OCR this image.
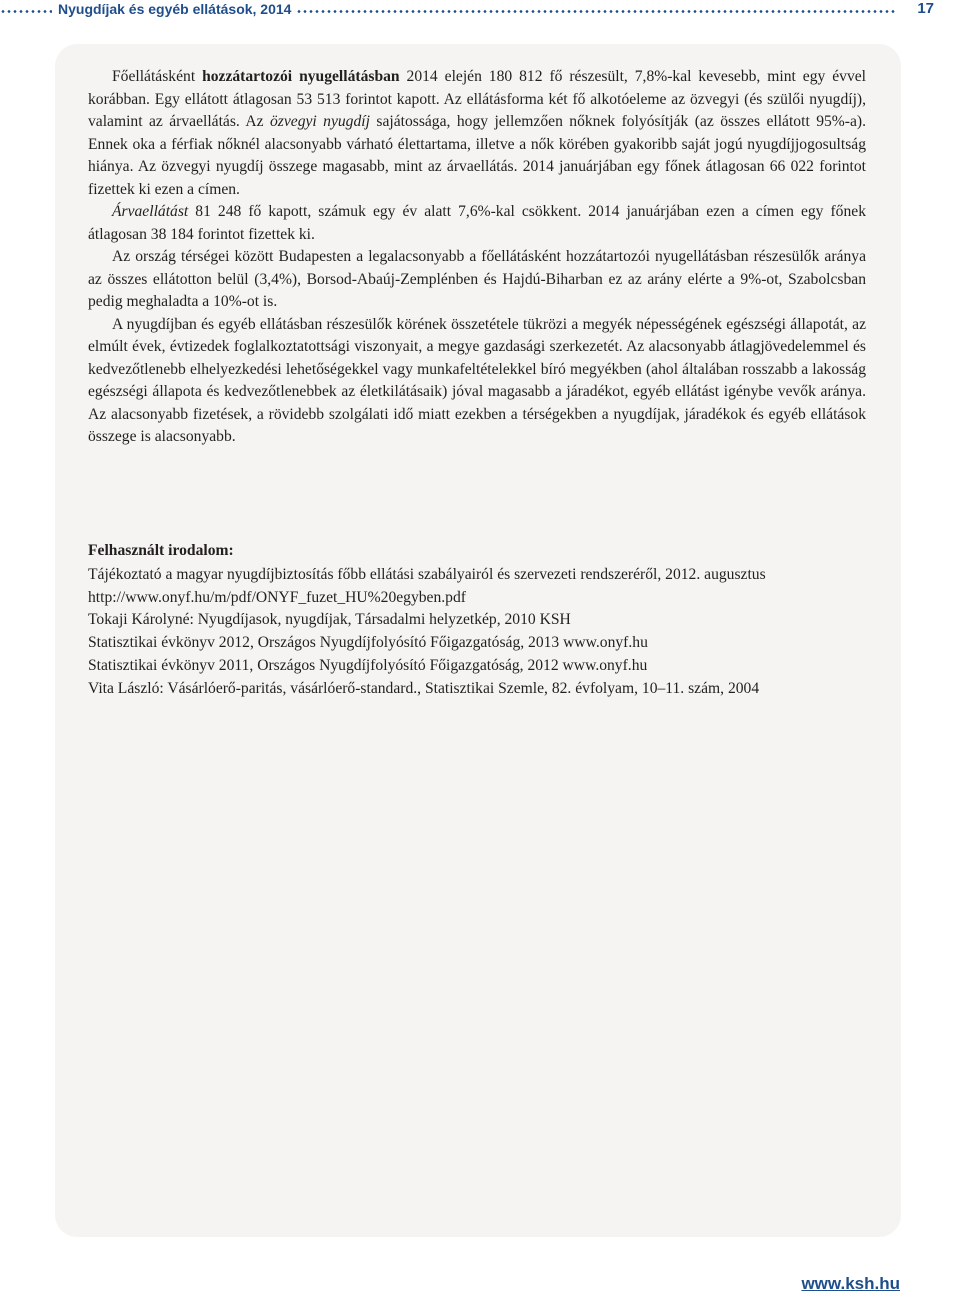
Nyugdíjak és egyéb ellátások, 2014	17

Főellátásként hozzátartozói nyugellátásban 2014 elején 180 812 fő részesült, 7,8%-kal kevesebb, mint egy évvel korábban. Egy ellátott átlagosan 53 513 forintot kapott. Az ellátásforma két fő alkotóeleme az özvegyi (és szülői nyugdíj), valamint az árvaellátás. Az özvegyi nyugdíj sajátossága, hogy jellemzően nőknek folyósítják (az összes ellátott 95%-a). Ennek oka a férfiak nőknél alacsonyabb várható élettartama, illetve a nők körében gyakoribb saját jogú nyugdíjjogosultság hiánya. Az özvegyi nyugdíj összege magasabb, mint az árvaellátás. 2014 januárjában egy főnek átlagosan 66 022 forintot fizettek ki ezen a címen.

Árvaellátást 81 248 fő kapott, számuk egy év alatt 7,6%-kal csökkent. 2014 januárjában ezen a címen egy főnek átlagosan 38 184 forintot fizettek ki.

Az ország térségei között Budapesten a legalacsonyabb a főellátásként hozzátartozói nyugellátásban részesülők aránya az összes ellátotton belül (3,4%), Borsod-Abaúj-Zemplénben és Hajdú-Biharban ez az arány elérte a 9%-ot, Szabolcsban pedig meghaladta a 10%-ot is.

A nyugdíjban és egyéb ellátásban részesülők körének összetétele tükrözi a megyék népességének egészségi állapotát, az elmúlt évek, évtizedek foglalkoztatottsági viszonyait, a megye gazdasági szerkezetét. Az alacsonyabb átlagjövedelemmel és kedvezőtlenebb elhelyezkedési lehetőségekkel vagy munkafeltételekkel bíró megyékben (ahol általában rosszabb a lakosság egészségi állapota és kedvezőtlenebbek az életkilátásaik) jóval magasabb a járadékot, egyéb ellátást igénybe vevők aránya. Az alacsonyabb fizetések, a rövidebb szolgálati idő miatt ezekben a térségekben a nyugdíjak, járadékok és egyéb ellátások összege is alacsonyabb.

Felhasznált irodalom:

Tájékoztató a magyar nyugdíjbiztosítás főbb ellátási szabályairól és szervezeti rendszeréről, 2012. augusztus http://www.onyf.hu/m/pdf/ONYF_fuzet_HU%20egyben.pdf

Tokaji Károlyné: Nyugdíjasok, nyugdíjak, Társadalmi helyzetkép, 2010 KSH

Statisztikai évkönyv 2012, Országos Nyugdíjfolyósító Főigazgatóság, 2013 www.onyf.hu

Statisztikai évkönyv 2011, Országos Nyugdíjfolyósító Főigazgatóság, 2012 www.onyf.hu

Vita László: Vásárlóerő-paritás, vásárlóerő-standard., Statisztikai Szemle, 82. évfolyam, 10–11. szám, 2004

www.ksh.hu
